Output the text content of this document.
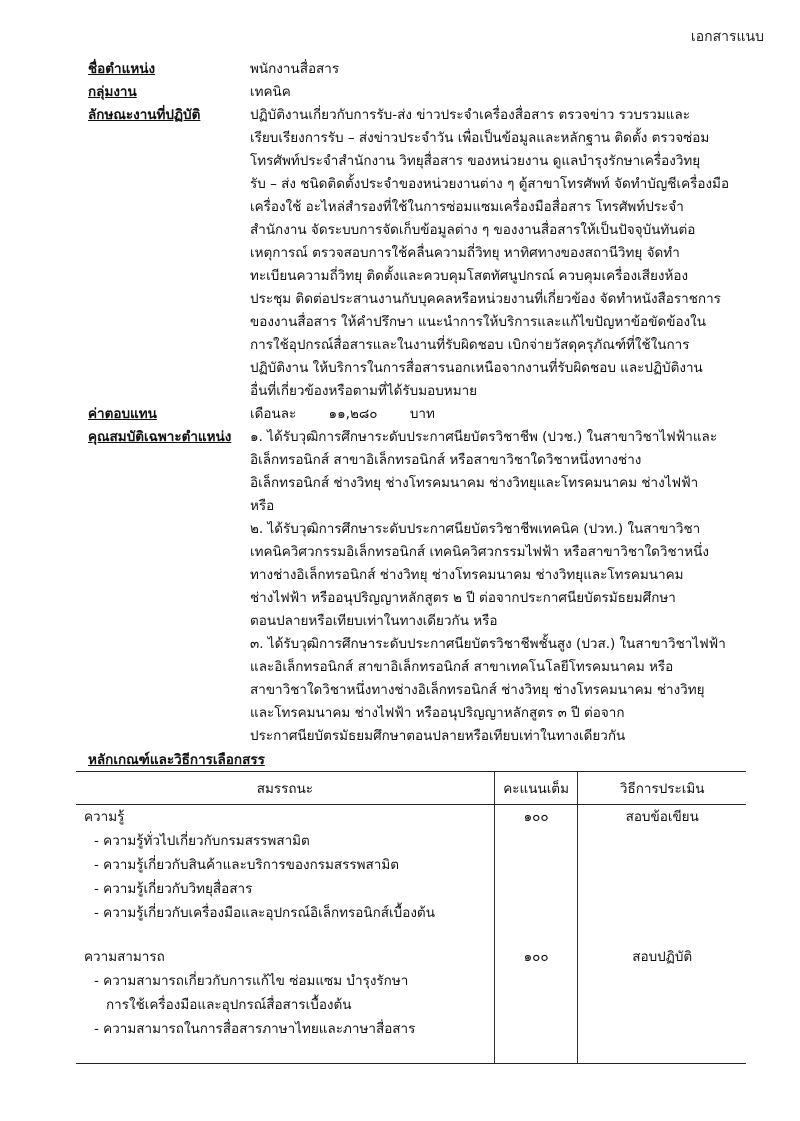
เอกสารแนบ
ชื่อตำแหน่ง	พนักงานสื่อสาร
กลุ่มงาน	เทคนิค
ลักษณะงานที่ปฏิบัติ	ปฏิบัติงานเกี่ยวกับการรับ-ส่ง ข่าวประจำเครื่องสื่อสาร ตรวจข่าว รวบรวมและ

เรียบเรียงการรับ – ส่งข่าวประจำวัน เพื่อเป็นข้อมูลและหลักฐาน ติดตั้ง ตรวจซ่อม

โทรศัพท์ประจำสำนักงาน วิทยุสื่อสาร ของหน่วยงาน ดูแลบำรุงรักษาเครื่องวิทยุ

รับ – ส่ง ชนิดติดตั้งประจำของหน่วยงานต่าง ๆ ตู้สาขาโทรศัพท์ จัดทำบัญชีเครื่องมือ

เครื่องใช้ อะไหล่สำรองที่ใช้ในการซ่อมแซมเครื่องมือสื่อสาร โทรศัพท์ประจำ

สำนักงาน จัดระบบการจัดเก็บข้อมูลต่าง ๆ ของงานสื่อสารให้เป็นปัจจุบันทันต่อ

เหตุการณ์ ตรวจสอบการใช้คลื่นความถี่วิทยุ หาทิศทางของสถานีวิทยุ จัดทำ

ทะเบียนความถี่วิทยุ ติดตั้งและควบคุมโสตทัศนูปกรณ์ ควบคุมเครื่องเสียงห้อง

ประชุม ติดต่อประสานงานกับบุคคลหรือหน่วยงานที่เกี่ยวข้อง จัดทำหนังสือราชการ

ของงานสื่อสาร ให้คำปรึกษา แนะนำการให้บริการและแก้ไขปัญหาข้อขัดข้องใน

การใช้อุปกรณ์สื่อสารและในงานที่รับผิดชอบ เบิกจ่ายวัสดุครุภัณฑ์ที่ใช้ในการ

ปฏิบัติงาน ให้บริการในการสื่อสารนอกเหนือจากงานที่รับผิดชอบ และปฏิบัติงาน

อื่นที่เกี่ยวข้องหรือตามที่ได้รับมอบหมาย

ค่าตอบแทน	เดือนละ ๑๑,๒๘๐ บาท
คุณสมบัติเฉพาะตำแหน่ง	๑. ได้รับวุฒิการศึกษาระดับประกาศนียบัตรวิชาชีพ (ปวช.) ในสาขาวิชาไฟฟ้าและ

อิเล็กทรอนิกส์ สาขาอิเล็กทรอนิกส์ หรือสาขาวิชาใดวิชาหนึ่งทางช่าง

อิเล็กทรอนิกส์ ช่างวิทยุ ช่างโทรคมนาคม ช่างวิทยุและโทรคมนาคม ช่างไฟฟ้า

หรือ

๒. ได้รับวุฒิการศึกษาระดับประกาศนียบัตรวิชาชีพเทคนิค (ปวท.) ในสาขาวิชา

เทคนิควิศวกรรมอิเล็กทรอนิกส์ เทคนิควิศวกรรมไฟฟ้า หรือสาขาวิชาใดวิชาหนึ่ง

ทางช่างอิเล็กทรอนิกส์ ช่างวิทยุ ช่างโทรคมนาคม ช่างวิทยุและโทรคมนาคม

ช่างไฟฟ้า หรืออนุปริญญาหลักสูตร ๒ ปี ต่อจากประกาศนียบัตรมัธยมศึกษา

ตอนปลายหรือเทียบเท่าในทางเดียวกัน หรือ

๓. ได้รับวุฒิการศึกษาระดับประกาศนียบัตรวิชาชีพชั้นสูง (ปวส.) ในสาขาวิชาไฟฟ้า

และอิเล็กทรอนิกส์ สาขาอิเล็กทรอนิกส์ สาขาเทคโนโลยีโทรคมนาคม หรือ

สาขาวิชาใดวิชาหนึ่งทางช่างอิเล็กทรอนิกส์ ช่างวิทยุ ช่างโทรคมนาคม ช่างวิทยุ

และโทรคมนาคม ช่างไฟฟ้า หรืออนุปริญญาหลักสูตร ๓ ปี ต่อจาก

ประกาศนียบัตรมัธยมศึกษาตอนปลายหรือเทียบเท่าในทางเดียวกัน

หลักเกณฑ์และวิธีการเลือกสรร
สมรรถนะ	คะแนนเต็ม	วิธีการประเมิน

ความรู้
- ความรู้ทั่วไปเกี่ยวกับกรมสรรพสามิต
- ความรู้เกี่ยวกับสินค้าและบริการของกรมสรรพสามิต
- ความรู้เกี่ยวกับวิทยุสื่อสาร
- ความรู้เกี่ยวกับเครื่องมือและอุปกรณ์อิเล็กทรอนิกส์เบื้องต้น	๑๐๐	สอบข้อเขียน

ความสามารถ
- ความสามารถเกี่ยวกับการแก้ไข ซ่อมแซม บำรุงรักษา
การใช้เครื่องมือและอุปกรณ์สื่อสารเบื้องต้น
- ความสามารถในการสื่อสารภาษาไทยและภาษาสื่อสาร	๑๐๐	สอบปฏิบัติ
